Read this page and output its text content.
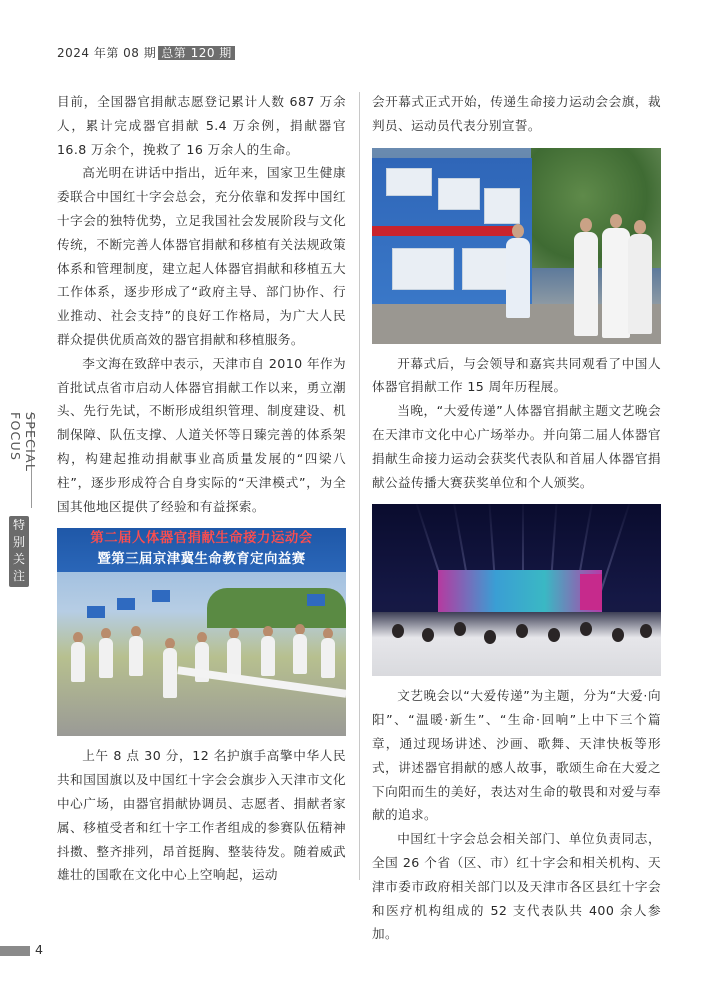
2024 年第 08 期 总第 120 期

目前，全国器官捐献志愿登记累计人数 687 万余人，累计完成器官捐献 5.4 万余例，捐献器官 16.8 万余个，挽救了 16 万余人的生命。

高光明在讲话中指出，近年来，国家卫生健康委联合中国红十字会总会，充分依靠和发挥中国红十字会的独特优势，立足我国社会发展阶段与文化传统，不断完善人体器官捐献和移植有关法规政策体系和管理制度，建立起人体器官捐献和移植五大工作体系，逐步形成了“政府主导、部门协作、行业推动、社会支持”的良好工作格局，为广大人民群众提供优质高效的器官捐献和移植服务。

李文海在致辞中表示，天津市自 2010 年作为首批试点省市启动人体器官捐献工作以来，勇立潮头、先行先试，不断形成组织管理、制度建设、机制保障、队伍支撑、人道关怀等日臻完善的体系架构，构建起推动捐献事业高质量发展的“四梁八柱”，逐步形成符合自身实际的“天津模式”，为全国其他地区提供了经验和有益探索。

第二届人体器官捐献生命接力运动会
暨第三届京津冀生命教育定向益赛

上午 8 点 30 分，12 名护旗手高擎中华人民共和国国旗以及中国红十字会会旗步入天津市文化中心广场，由器官捐献协调员、志愿者、捐献者家属、移植受者和红十字工作者组成的参赛队伍精神抖擞、整齐排列，昂首挺胸、整装待发。随着威武雄壮的国歌在文化中心上空响起，运动

会开幕式正式开始，传递生命接力运动会会旗，裁判员、运动员代表分别宣誓。

开幕式后，与会领导和嘉宾共同观看了中国人体器官捐献工作 15 周年历程展。

当晚，“大爱传递”人体器官捐献主题文艺晚会在天津市文化中心广场举办。并向第二届人体器官捐献生命接力运动会获奖代表队和首届人体器官捐献公益传播大赛获奖单位和个人颁奖。

文艺晚会以“大爱传递”为主题，分为“大爱·向阳”、“温暖·新生”、“生命·回响”上中下三个篇章，通过现场讲述、沙画、歌舞、天津快板等形式，讲述器官捐献的感人故事，歌颂生命在大爱之下向阳而生的美好，表达对生命的敬畏和对爱与奉献的追求。

中国红十字会总会相关部门、单位负责同志，全国 26 个省（区、市）红十字会和相关机构、天津市委市政府相关部门以及天津市各区县红十字会和医疗机构组成的 52 支代表队共 400 余人参加。

SPECIAL FOCUS
特别关注
4
